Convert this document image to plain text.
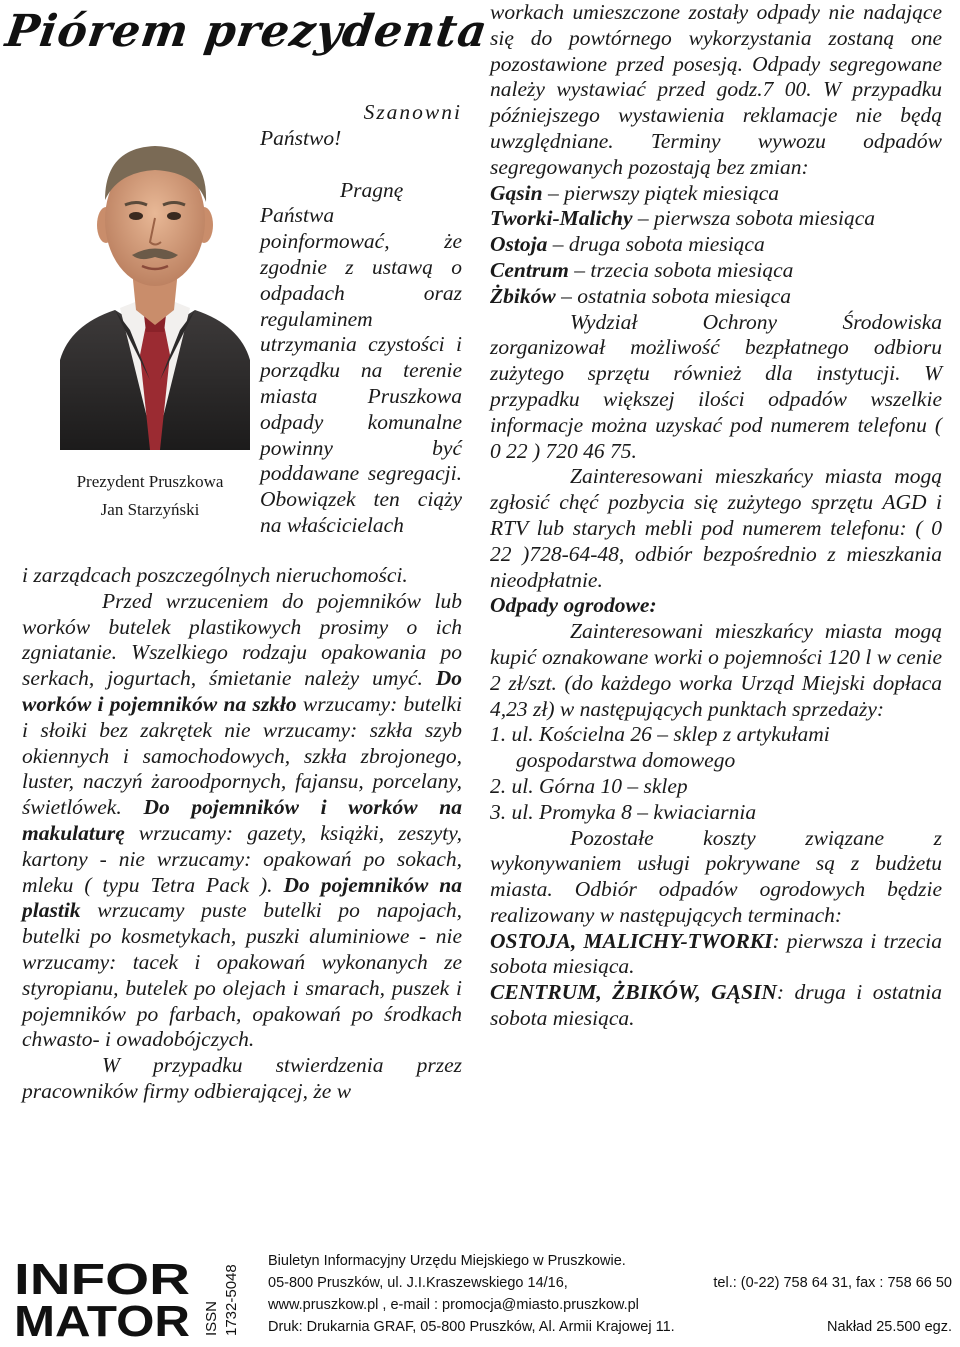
Piórem prezydenta
Prezydent Pruszkowa
Jan Starzyński

Szanowni

Państwo!

Pragnę Państwa poinformować, że zgodnie z ustawą o odpadach oraz regulaminem utrzymania czystości i porządku na terenie miasta Pruszkowa odpady komunalne powinny być poddawane segregacji. Obowiązek ten ciąży na właścicielach

i zarządcach poszczególnych nieruchomości.

Przed wrzuceniem do pojemników lub worków butelek plastikowych prosimy o ich zgniatanie. Wszelkiego rodzaju opakowania po serkach, jogurtach, śmietanie należy umyć. Do worków i pojemników na szkło wrzucamy: butelki i słoiki bez zakrętek nie wrzucamy: szkła szyb okiennych i samochodowych, szkła zbrojonego, luster, naczyń żaroodpornych, fajansu, porcelany, świetlówek. Do pojemników i worków na makulaturę wrzucamy: gazety, książki, zeszyty, kartony - nie wrzucamy: opakowań po sokach, mleku ( typu Tetra Pack ). Do pojemników na plastik wrzucamy puste butelki po napojach, butelki po kosmetykach, puszki aluminiowe - nie wrzucamy: tacek i opakowań wykonanych ze styropianu, butelek po olejach i smarach, puszek i pojemników po farbach, opakowań po środkach chwasto- i owadobójczych.

W przypadku stwierdzenia przez pracowników firmy odbierającej, że w

workach umieszczone zostały odpady nie nadające się do powtórnego wykorzystania zostaną one pozostawione przed posesją. Odpady segregowane należy wystawiać przed godz.7 00. W przypadku późniejszego wystawienia reklamacje nie będą uwzględniane. Terminy wywozu odpadów segregowanych pozostają bez zmian:

Gąsin – pierwszy piątek miesiąca

Tworki-Malichy – pierwsza sobota miesiąca

Ostoja – druga sobota miesiąca

Centrum – trzecia sobota miesiąca

Żbików – ostatnia sobota miesiąca

Wydział Ochrony Środowiska zorganizował możliwość bezpłatnego odbioru zużytego sprzętu również dla instytucji. W przypadku większej ilości odpadów wszelkie informacje można uzyskać pod numerem telefonu ( 0 22 ) 720 46 75.

Zainteresowani mieszkańcy miasta mogą zgłosić chęć pozbycia się zużytego sprzętu AGD i RTV lub starych mebli pod numerem telefonu: ( 0 22 )728-64-48, odbiór bezpośrednio z mieszkania nieodpłatnie.

Odpady ogrodowe:

Zainteresowani mieszkańcy miasta mogą kupić oznakowane worki o pojemności 120 l w cenie 2 zł/szt. (do każdego worka Urząd Miejski dopłaca 4,23 zł) w następujących punktach sprzedaży:

1. ul. Kościelna 26 – sklep z artykułami gospodarstwa domowego

2. ul. Górna 10 – sklep

3. ul. Promyka 8 – kwiaciarnia

Pozostałe koszty związane z wykonywaniem usługi pokrywane są z budżetu miasta. Odbiór odpadów ogrodowych będzie realizowany w następujących terminach:

OSTOJA, MALICHY-TWORKI: pierwsza i trzecia sobota miesiąca.

CENTRUM, ŻBIKÓW, GĄSIN: druga i ostatnia sobota miesiąca.

INFOR
MATOR ISSN 1732-5048
Biuletyn Informacyjny Urzędu Miejskiego w Pruszkowie.
05-800 Pruszków, ul. J.I.Kraszewskiego 14/16,	tel.: (0-22) 758 64 31, fax : 758 66 50
www.pruszkow.pl , e-mail : promocja@miasto.pruszkow.pl
Druk: Drukarnia GRAF, 05-800 Pruszków, Al. Armii Krajowej 11.	Nakład 25.500 egz.
